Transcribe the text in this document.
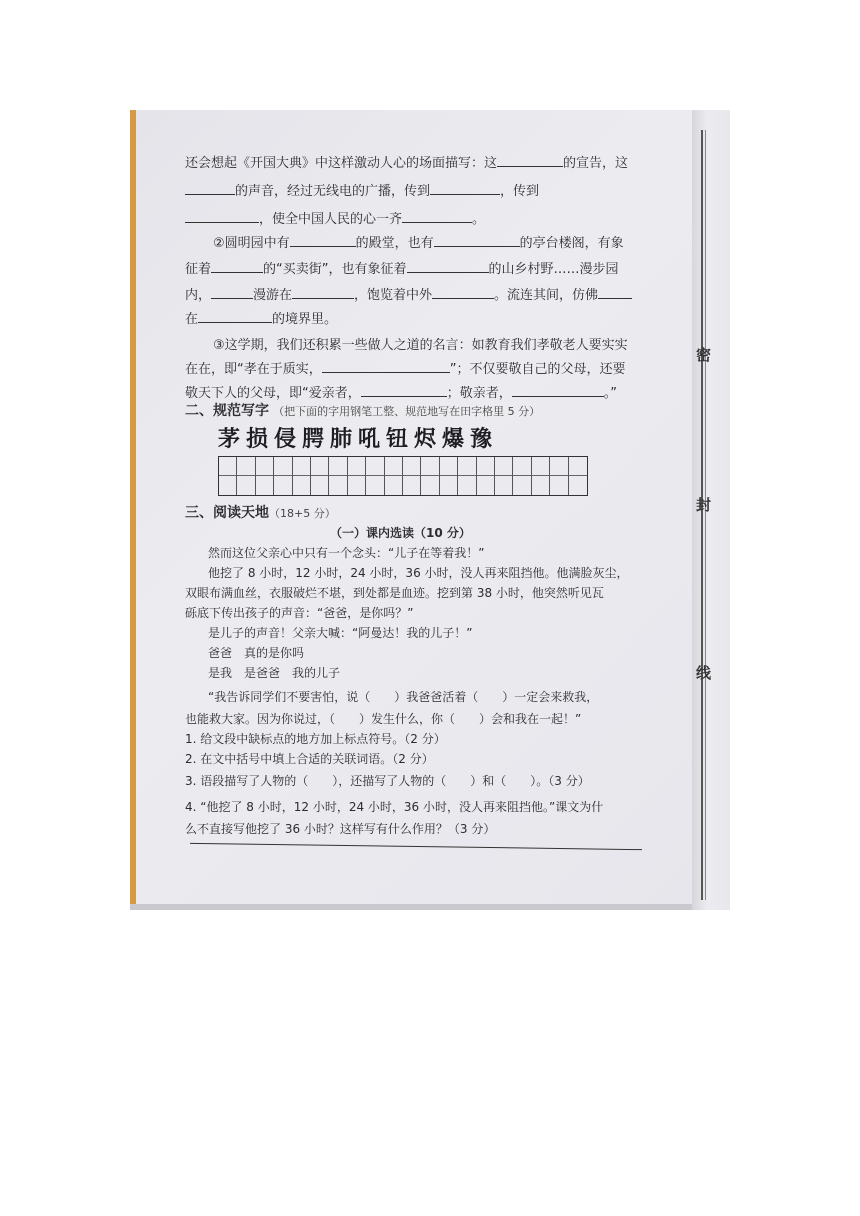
密
封
线
还会想起《开国大典》中这样激动人心的场面描写：这	的宣告，这
的声音，经过无线电的广播，传到	，传到
，使全中国人民的心一齐	。
②圆明园中有	的殿堂，也有	的亭台楼阁，有象
征着	的“买卖街”，也有象征着	的山乡村野……漫步园
内，	漫游在	，饱览着中外	。流连其间，仿佛
在	的境界里。
③这学期，我们还积累一些做人之道的名言：如教育我们孝敬老人要实实
在在，即“孝在于质实，	”；不仅要敬自己的父母，还要
敬天下人的父母，即“爱亲者，	；敬亲者，	。”
二、规范写字 （把下面的字用钢笔工整、规范地写在田字格里 5 分）
茅损侵腭肺吼钮烬爆豫
三、阅读天地（18+5 分）
（一）课内选读（10 分）
然而这位父亲心中只有一个念头：“儿子在等着我！”
他挖了 8 小时，12 小时，24 小时，36 小时，没人再来阻挡他。他满脸灰尘，
双眼布满血丝，衣服破烂不堪，到处都是血迹。挖到第 38 小时，他突然听见瓦
砾底下传出孩子的声音：“爸爸，是你吗？”
是儿子的声音！父亲大喊：“阿曼达！我的儿子！”
爸爸　真的是你吗
是我　是爸爸　我的儿子
“我告诉同学们不要害怕，说（　　）我爸爸活着（　　）一定会来救我，
也能救大家。因为你说过，（　　）发生什么，你（　　）会和我在一起！”
1. 给文段中缺标点的地方加上标点符号。（2 分）
2. 在文中括号中填上合适的关联词语。（2 分）
3. 语段描写了人物的（　　），还描写了人物的（　　）和（　　）。（3 分）
4. “他挖了 8 小时，12 小时，24 小时，36 小时，没人再来阻挡他。”课文为什
么不直接写他挖了 36 小时？这样写有什么作用？（3 分）
